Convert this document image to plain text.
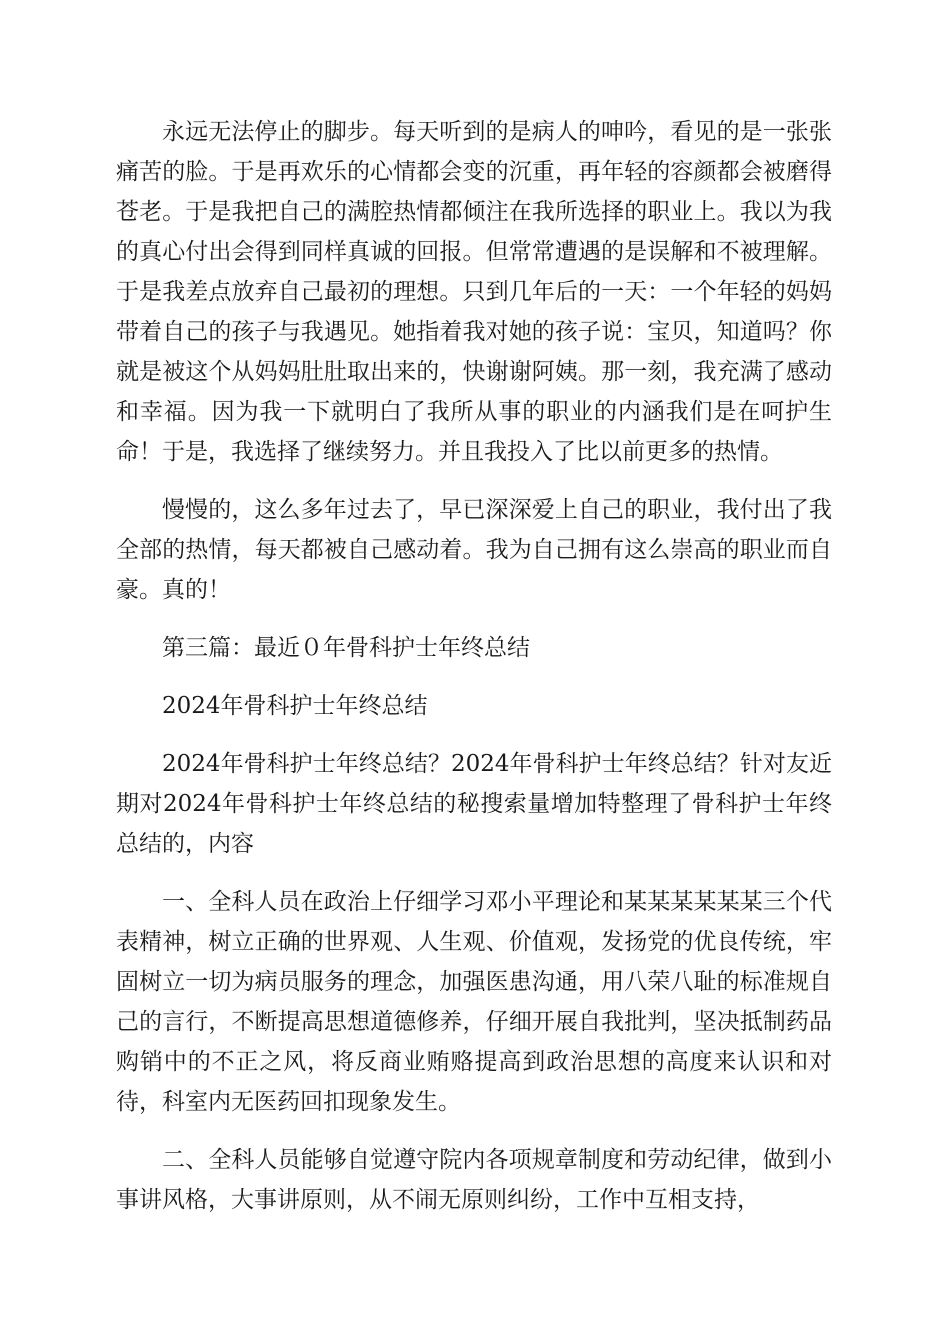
永远无法停止的脚步。每天听到的是病人的呻吟，看见的是一张张痛苦的脸。于是再欢乐的心情都会变的沉重，再年轻的容颜都会被磨得苍老。于是我把自己的满腔热情都倾注在我所选择的职业上。我以为我的真心付出会得到同样真诚的回报。但常常遭遇的是误解和不被理解。于是我差点放弃自己最初的理想。只到几年后的一天：一个年轻的妈妈带着自己的孩子与我遇见。她指着我对她的孩子说：宝贝，知道吗？你就是被这个从妈妈肚肚取出来的，快谢谢阿姨。那一刻，我充满了感动和幸福。因为我一下就明白了我所从事的职业的内涵我们是在呵护生命！于是，我选择了继续努力。并且我投入了比以前更多的热情。

慢慢的，这么多年过去了，早已深深爱上自己的职业，我付出了我全部的热情，每天都被自己感动着。我为自己拥有这么崇高的职业而自豪。真的！

第三篇：最近０年骨科护士年终总结

2024年骨科护士年终总结

2024年骨科护士年终总结？2024年骨科护士年终总结？针对友近期对2024年骨科护士年终总结的秘搜索量增加特整理了骨科护士年终总结的，内容

一、全科人员在政治上仔细学习邓小平理论和某某某某某某三个代表精神，树立正确的世界观、人生观、价值观，发扬党的优良传统，牢固树立一切为病员服务的理念，加强医患沟通，用八荣八耻的标准规自己的言行，不断提高思想道德修养，仔细开展自我批判，坚决抵制药品购销中的不正之风，将反商业贿赂提高到政治思想的高度来认识和对待，科室内无医药回扣现象发生。

二、全科人员能够自觉遵守院内各项规章制度和劳动纪律，做到小事讲风格，大事讲原则，从不闹无原则纠纷，工作中互相支持，
